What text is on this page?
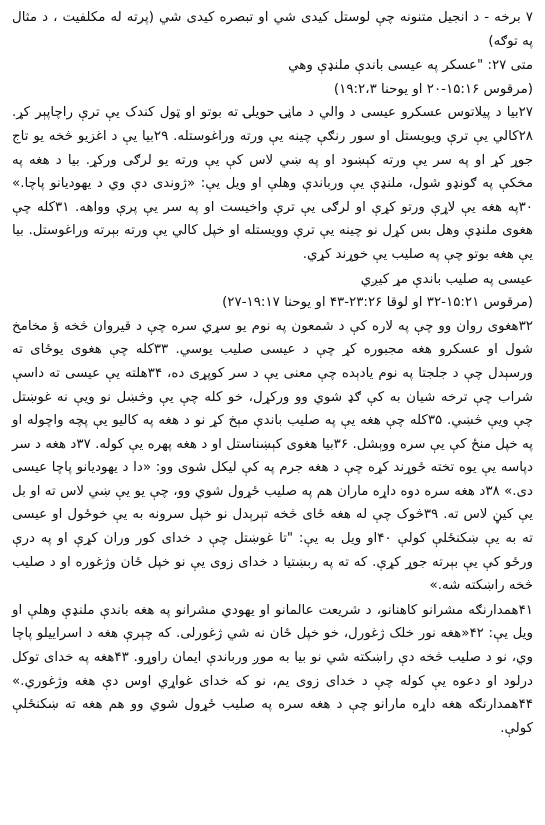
٧ برخه - د انجيل متنونه چې لوستل کيدى شي او تبصره کيدى شي (پرته له مکلفيت ، د مثال په توګه)

متی ۲۷: "عسکر په عیسی باندې ملنډې وهي

(مرقوس ۱۵:۱۶-۲۰ او يوحنا ۱۹:۲،۳)

۲۷بیا د پیلاتوس عسکرو عیسی د والي د ماڼۍ حویلۍ ته بوتو او ټول کندک یې ترې راچاپېر کړ. ۲۸کالي یې ترې ویویستل او سور رنګې چینه یې ورته وراغوستله. ۲۹بیا یې د اغزیو څخه یو تاج جوړ کړ او په سر یې ورته کېښود او په ښي لاس کې یې ورته یو لرګی ورکړ. بیا د هغه په مخکې په ګونډو شول، ملنډې یې ورباندې وهلې او ویل یې: «ژوندی دې وي د یهودیانو پاچا.» ۳۰په هغه یې لاړې ورتو کړې او لرګی یې ترې واخیست او په سر یې پرې وواهه. ۳۱کله چې هغوی ملنډې وهل بس کړل نو چینه یې ترې وویستله او خپل کالي یې ورته بېرته وراغوستل. بیا یې هغه بوتو چې په صلیب یې خوړند کړي.

عیسی په صلیب باندې مړ کیږي

(مرقوس ۱۵:۲۱-۳۲ او لوقا ۲۳:۲۶-۴۳ او يوحنا ۱۹:۱۷-۲۷)

۳۲هغوی روان وو چې په لاره کې د شمعون په نوم یو سړي سره چې د قیروان څخه ؤ مخامخ شول او عسکرو هغه مجبوره کړ چې د عیسی صلیب یوسي. ۳۳کله چې هغوی یوځای ته ورسېدل چې د جلجتا په نوم یادېده چې معنی یې د سر کوپړی ده، ۳۴هلته یې عیسی ته داسې شراب چې ترخه شیان به کې ګډ شوي وو ورکړل، خو کله چې یې وڅښل نو ویې نه غوښتل چې ویې څښي. ۳۵کله چې هغه یې په صلیب باندې مېخ کړ نو د هغه په کالیو یې پچه واچوله او په خپل منځ کې یې سره ووېشل. ۳۶بیا هغوی کېښناستل او د هغه پهره یې کوله. ۳۷د هغه د سر دپاسه یې یوه تخته ځوړند کړه چې د هغه جرم په کې لیکل شوی وو: «دا د یهودیانو پاچا عیسی دی.» ۳۸د هغه سره دوه داړه ماران هم په صلیب ځړول شوي وو، چې یو یې ښي لاس ته او بل یې کیڼ لاس ته. ۳۹څوک چې له هغه ځای څخه تېرېدل نو خپل سرونه به یې خوځول او عیسی ته به یې ښکنځلې کولې ۴۰او ویل به یې: "تا غوښتل چې د خدای کور وران کړې او په درې ورځو کې یې بېرته جوړ کړې. که ته په ربښتیا د خدای زوی یې نو خپل ځان وژغوره او د صلیب څخه راښکته شه.»

۴۱همدارنګه مشرانو کاهنانو، د شریعت عالمانو او یهودي مشرانو په هغه باندې ملنډې وهلې او ویل یې: ۴۲«هغه نور خلک ژغورل، خو خپل ځان نه شي ژغورلی. که چېرې هغه د اسراییلو پاچا وي، نو د صلیب څخه دې راښکته شي نو بیا به موږ ورباندې ایمان راوړو. ۴۳هغه په خدای توکل درلود او دعوه یې کوله چې د خدای زوی یم، نو که خدای غواړي اوس دې هغه وژغوري.» ۴۴همدارنګه هغه داړه مارانو چې د هغه سره په صلیب ځړول شوي وو هم هغه ته ښکنځلې کولې.
